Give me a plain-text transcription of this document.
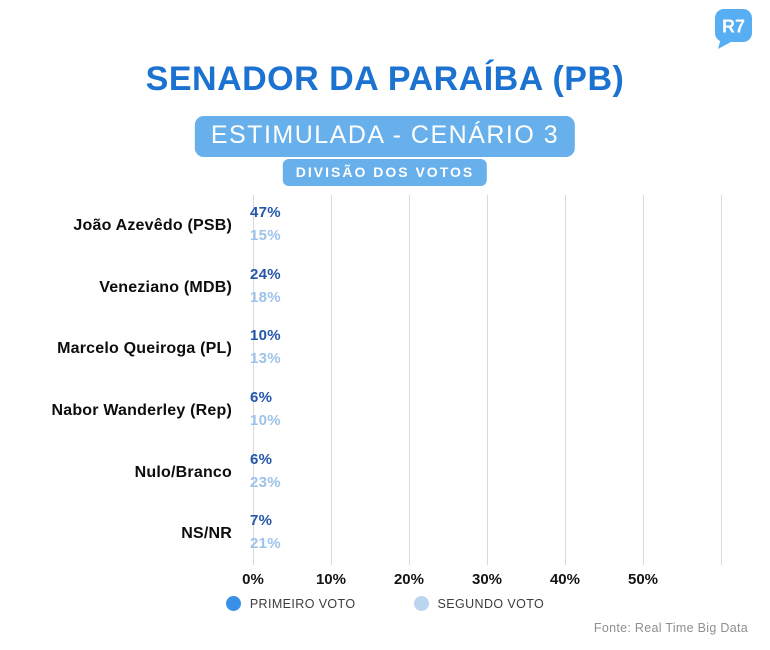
R7
SENADOR DA PARAÍBA (PB)
ESTIMULADA - CENÁRIO 3
DIVISÃO DOS VOTOS
João Azevêdo (PSB)
47%
15%
Veneziano (MDB)
24%
18%
Marcelo Queiroga (PL)
10%
13%
Nabor Wanderley (Rep)
6%
10%
Nulo/Branco
6%
23%
NS/NR
7%
21%
0%	10%	20%	30%	40%	50%
PRIMEIRO VOTO	SEGUNDO VOTO
Fonte: Real Time Big Data
